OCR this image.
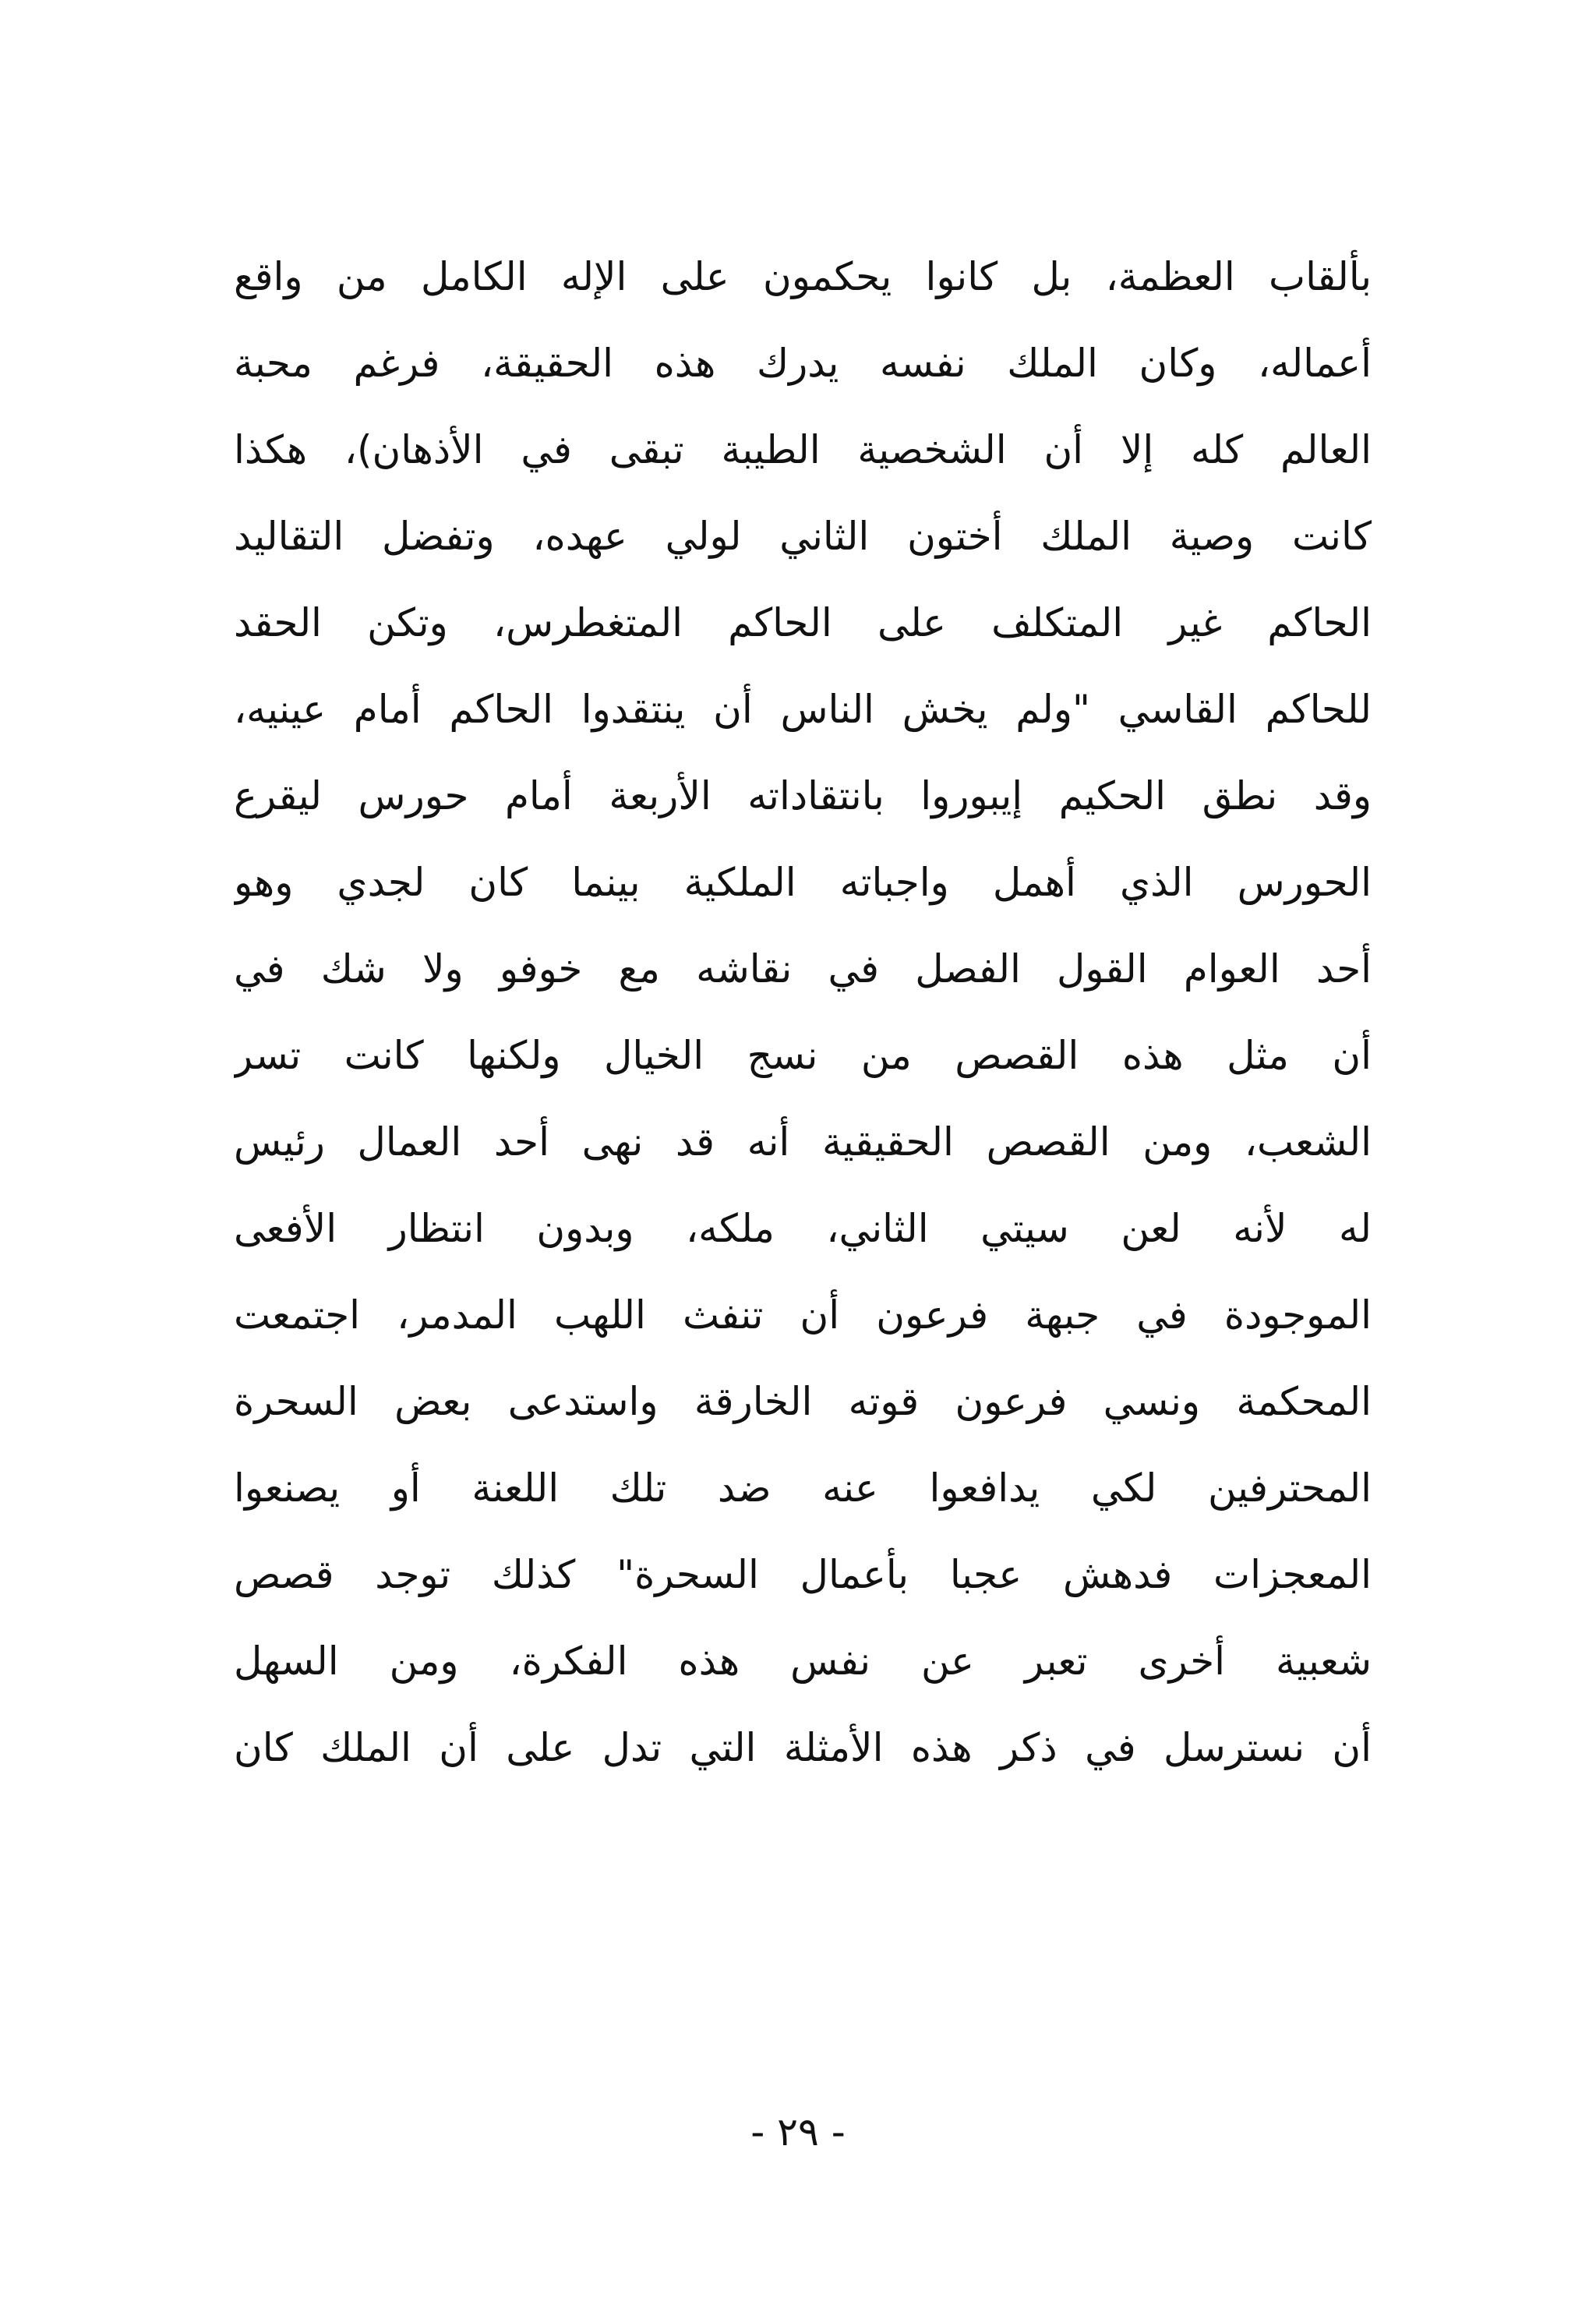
بألقاب العظمة، بل كانوا يحكمون على الإله الكامل من واقع
أعماله، وكان الملك نفسه يدرك هذه الحقيقة، فرغم محبة
العالم كله إلا أن الشخصية الطيبة تبقى في الأذهان)، هكذا
كانت وصية الملك أختون الثاني لولي عهده، وتفضل التقاليد
الحاكم غير المتكلف على الحاكم المتغطرس، وتكن الحقد
للحاكم القاسي "ولم يخش الناس أن ينتقدوا الحاكم أمام عينيه،
وقد نطق الحكيم إيبوروا بانتقاداته الأربعة أمام حورس ليقرع
الحورس الذي أهمل واجباته الملكية بينما كان لجدي وهو
أحد العوام القول الفصل في نقاشه مع خوفو ولا شك في
أن مثل هذه القصص من نسج الخيال ولكنها كانت تسر
الشعب، ومن القصص الحقيقية أنه قد نهى أحد العمال رئيس
له لأنه لعن سيتي الثاني، ملكه، وبدون انتظار الأفعى
الموجودة في جبهة فرعون أن تنفث اللهب المدمر، اجتمعت
المحكمة ونسي فرعون قوته الخارقة واستدعى بعض السحرة
المحترفين لكي يدافعوا عنه ضد تلك اللعنة أو يصنعوا
المعجزات فدهش عجبا بأعمال السحرة" كذلك توجد قصص
شعبية أخرى تعبر عن نفس هذه الفكرة، ومن السهل
أن نسترسل في ذكر هذه الأمثلة التي تدل على أن الملك كان
- ٢٩ -
